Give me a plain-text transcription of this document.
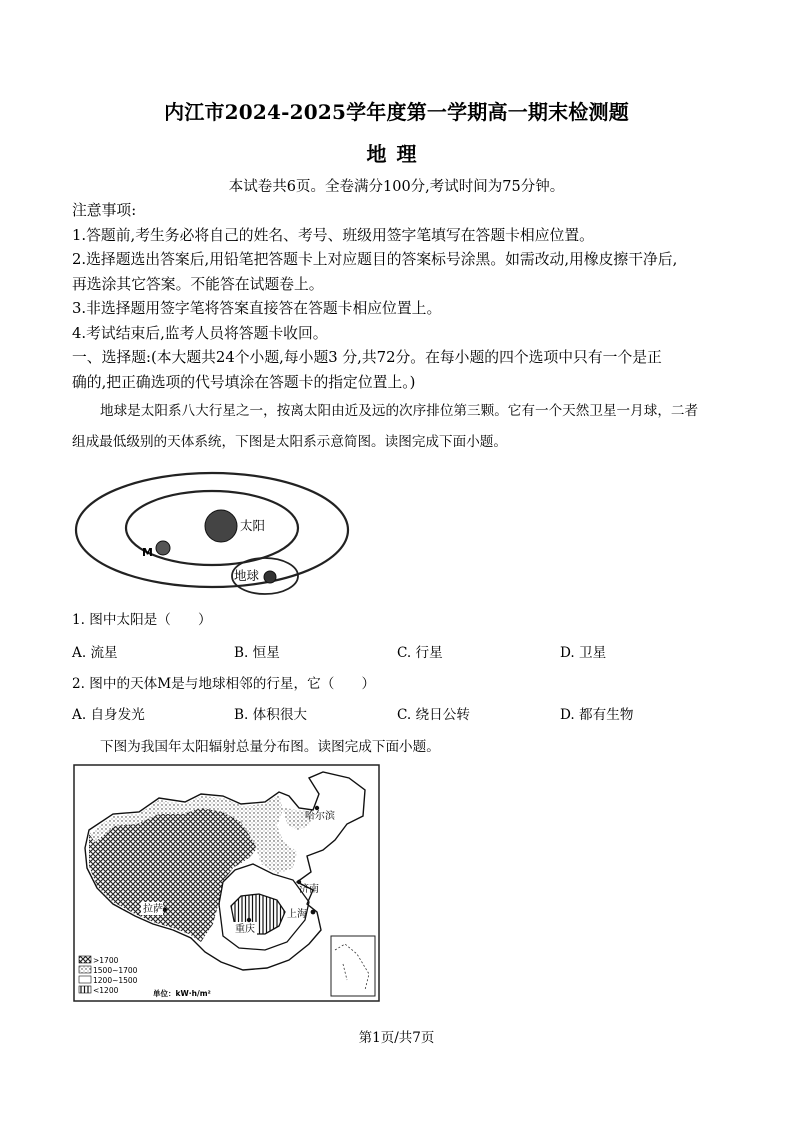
内江市2024-2025学年度第一学期高一期末检测题
地理
本试卷共6页。全卷满分100分,考试时间为75分钟。

注意事项:

1.答题前,考生务必将自己的姓名、考号、班级用签字笔填写在答题卡相应位置。

2.选择题选出答案后,用铅笔把答题卡上对应题目的答案标号涂黑。如需改动,用橡皮擦干净后,

再选涂其它答案。不能答在试题卷上。

3.非选择题用签字笔将答案直接答在答题卡相应位置上。

4.考试结束后,监考人员将答题卡收回。

一、选择题:(本大题共24个小题,每小题3 分,共72分。在每小题的四个选项中只有一个是正

确的,把正确选项的代号填涂在答题卡的指定位置上。)

地球是太阳系八大行星之一，按离太阳由近及远的次序排位第三颗。它有一个天然卫星一月球，二者
组成最低级别的天体系统，下图是太阳系示意简图。读图完成下面小题。
太阳
M
地球
1. 图中太阳是（　　）
A. 流星	B. 恒星	C. 行星	D. 卫星
2. 图中的天体M是与地球相邻的行星，它（　　）
A. 自身发光	B. 体积很大	C. 绕日公转	D. 都有生物
下图为我国年太阳辐射总量分布图。读图完成下面小题。
哈尔滨
济南
拉萨	上海
重庆
>1700
1500~1700
1200~1500
<1200	单位：kW·h/m²
第1页/共7页
